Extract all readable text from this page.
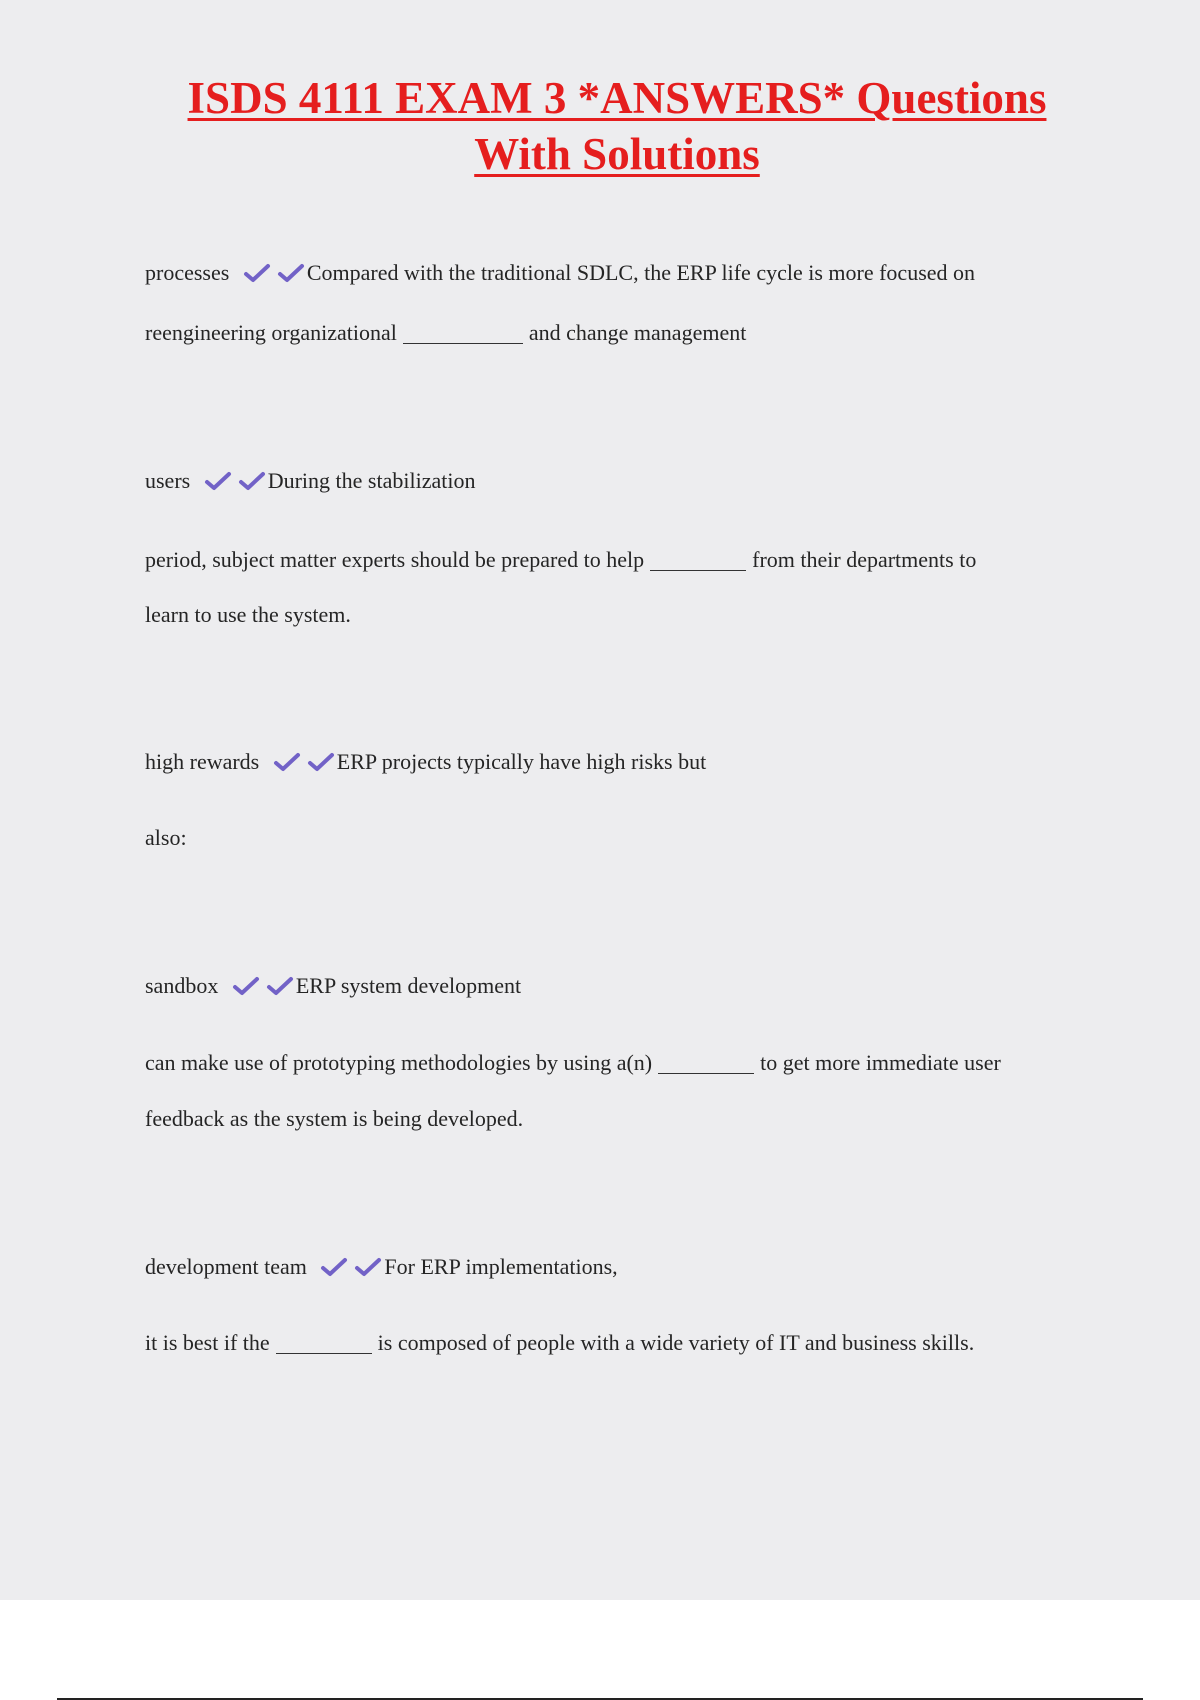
ISDS 4111 EXAM 3 *ANSWERS* Questions
With Solutions
processes	Compared with the traditional SDLC, the ERP life cycle is more focused on
reengineering organizational	and change management
users	During the stabilization
period, subject matter experts should be prepared to help	from their departments to
learn to use the system.
high rewards	ERP projects typically have high risks but
also:
sandbox	ERP system development
can make use of prototyping methodologies by using a(n)	to get more immediate user
feedback as the system is being developed.
development team	For ERP implementations,
it is best if the	is composed of people with a wide variety of IT and business skills.
